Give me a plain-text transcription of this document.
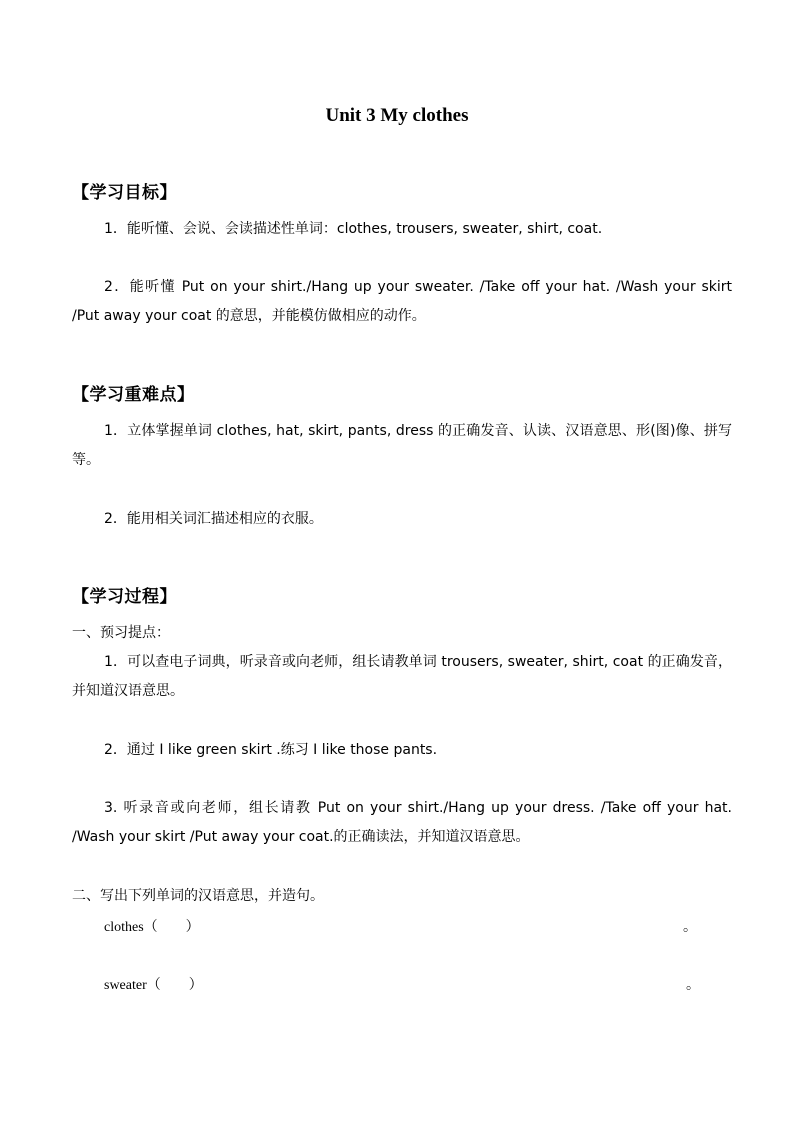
Unit 3 My clothes
【学习目标】
1．能听懂、会说、会读描述性单词：clothes, trousers, sweater, shirt, coat.
2．能听懂 Put on your shirt./Hang up your sweater. /Take off your hat. /Wash your skirt /Put away your coat 的意思，并能模仿做相应的动作。
【学习重难点】
1．立体掌握单词 clothes, hat, skirt, pants, dress 的正确发音、认读、汉语意思、形(图)像、拼写等。
2．能用相关词汇描述相应的衣服。
【学习过程】
一、预习提点：
1．可以查电子词典，听录音或向老师，组长请教单词 trousers, sweater, shirt, coat 的正确发音，并知道汉语意思。
2．通过 I like green skirt .练习 I like those pants.
3. 听录音或向老师，组长请教 Put on your shirt./Hang up your dress. /Take off your hat. /Wash your skirt /Put away your coat.的正确读法，并知道汉语意思。
二、写出下列单词的汉语意思，并造句。
clothes（　　）	。
sweater（　　）	。
